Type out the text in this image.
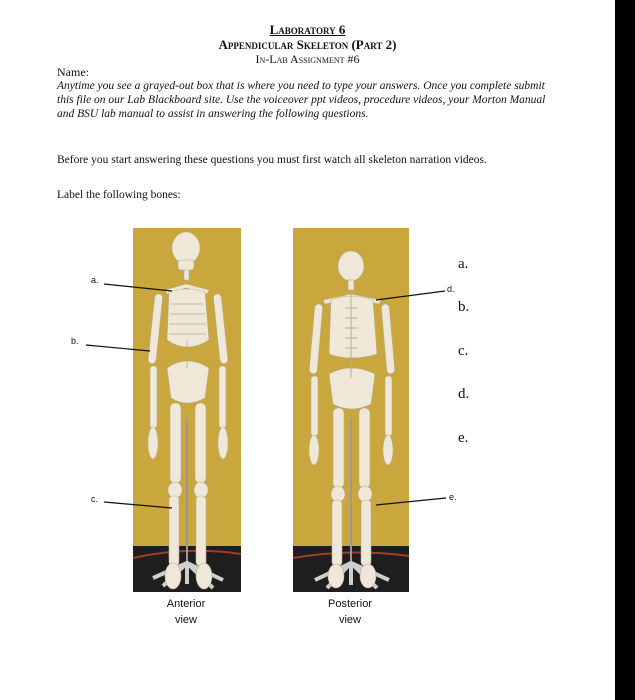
Laboratory 6
Appendicular Skeleton (Part 2)
In-Lab Assignment #6
Name:
Anytime you see a grayed-out box that is where you need to type your answers. Once you complete submit this file on our Lab Blackboard site. Use the voiceover ppt videos, procedure videos, your Morton Manual and BSU lab manual to assist in answering the following questions.
Before you start answering these questions you must first watch all skeleton narration videos.
Label the following bones:
a.
b.
c.
d.
e.
Anterior
view
Posterior
view
a.
b.
c.
d.
e.
